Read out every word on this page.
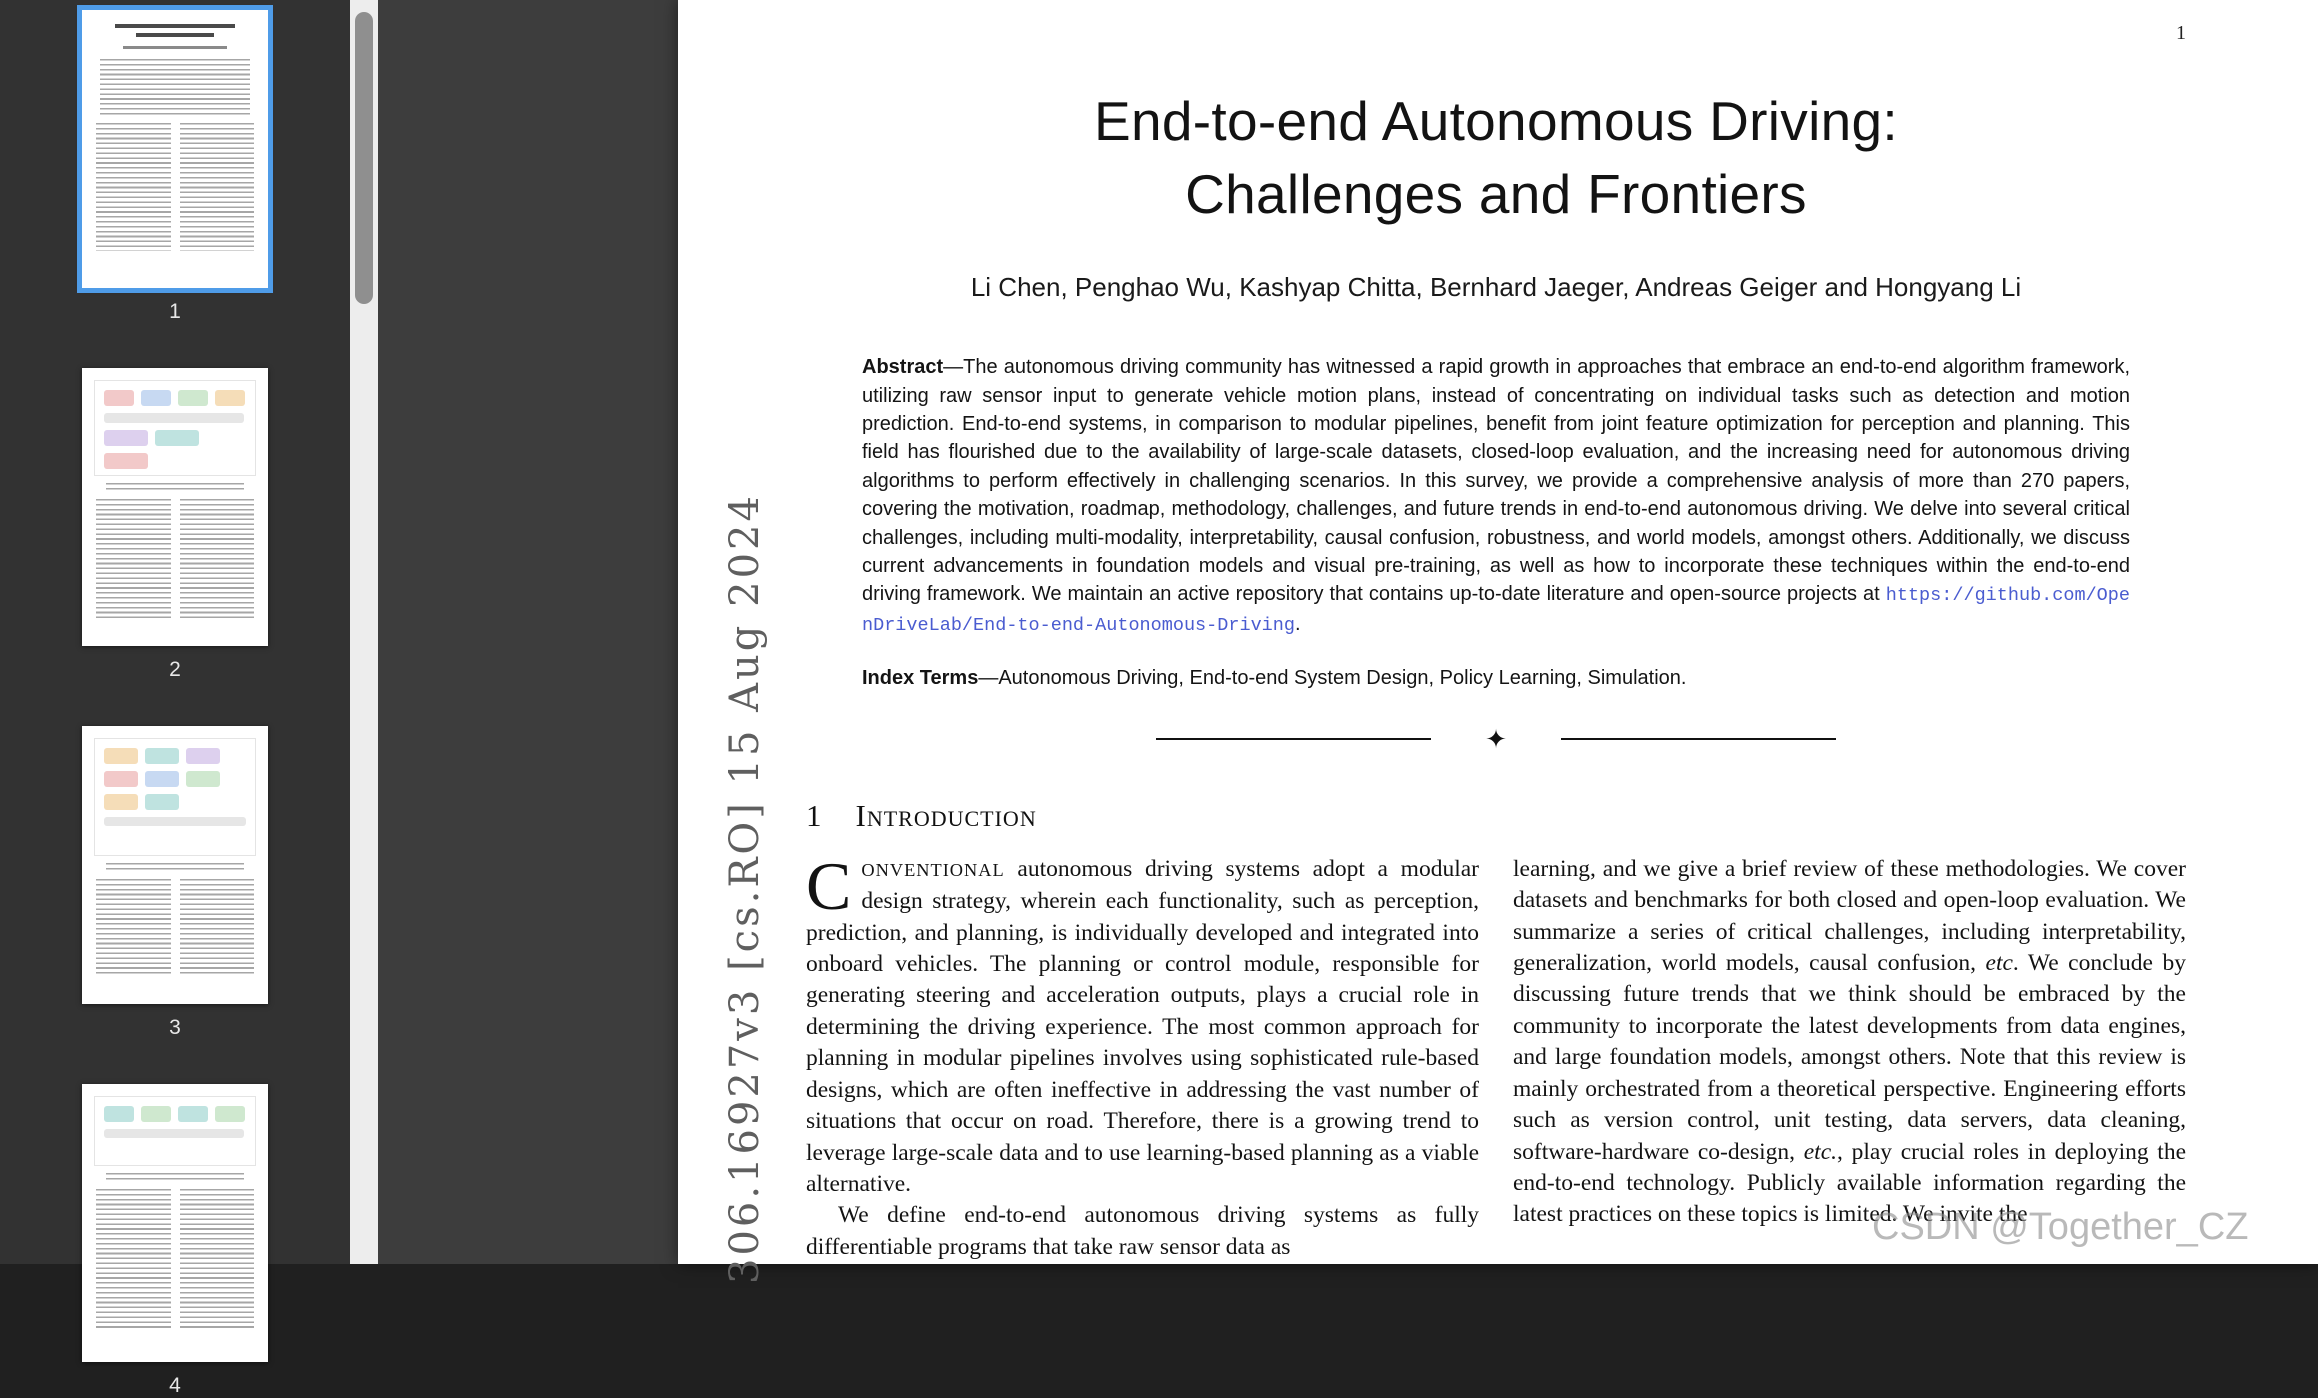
1
2
3
4
1
End-to-end Autonomous Driving:
Challenges and Frontiers
Li Chen, Penghao Wu, Kashyap Chitta, Bernhard Jaeger, Andreas Geiger and Hongyang Li

Abstract—The autonomous driving community has witnessed a rapid growth in approaches that embrace an end-to-end algorithm framework, utilizing raw sensor input to generate vehicle motion plans, instead of concentrating on individual tasks such as detection and motion prediction. End-to-end systems, in comparison to modular pipelines, benefit from joint feature optimization for perception and planning. This field has flourished due to the availability of large-scale datasets, closed-loop evaluation, and the increasing need for autonomous driving algorithms to perform effectively in challenging scenarios. In this survey, we provide a comprehensive analysis of more than 270 papers, covering the motivation, roadmap, methodology, challenges, and future trends in end-to-end autonomous driving. We delve into several critical challenges, including multi-modality, interpretability, causal confusion, robustness, and world models, amongst others. Additionally, we discuss current advancements in foundation models and visual pre-training, as well as how to incorporate these techniques within the end-to-end driving framework. We maintain an active repository that contains up-to-date literature and open-source projects at https://github.com/OpenDriveLab/End-to-end-Autonomous-Driving.

Index Terms—Autonomous Driving, End-to-end System Design, Policy Learning, Simulation.

✦
1 Introduction

CONVENTIONAL autonomous driving systems adopt a modular design strategy, wherein each functionality, such as perception, prediction, and planning, is individually developed and integrated into onboard vehicles. The planning or control module, responsible for generating steering and acceleration outputs, plays a crucial role in determining the driving experience. The most common approach for planning in modular pipelines involves using sophisticated rule-based designs, which are often ineffective in addressing the vast number of situations that occur on road. Therefore, there is a growing trend to leverage large-scale data and to use learning-based planning as a viable alternative.

We define end-to-end autonomous driving systems as fully differentiable programs that take raw sensor data as

learning, and we give a brief review of these methodologies. We cover datasets and benchmarks for both closed and open-loop evaluation. We summarize a series of critical challenges, including interpretability, generalization, world models, causal confusion, etc. We conclude by discussing future trends that we think should be embraced by the community to incorporate the latest developments from data engines, and large foundation models, amongst others. Note that this review is mainly orchestrated from a theoretical perspective. Engineering efforts such as version control, unit testing, data servers, data cleaning, software-hardware co-design, etc., play crucial roles in deploying the end-to-end technology. Publicly available information regarding the latest practices on these topics is limited. We invite the

306.16927v3 [cs.RO] 15 Aug 2024	CSDN @Together_CZ
